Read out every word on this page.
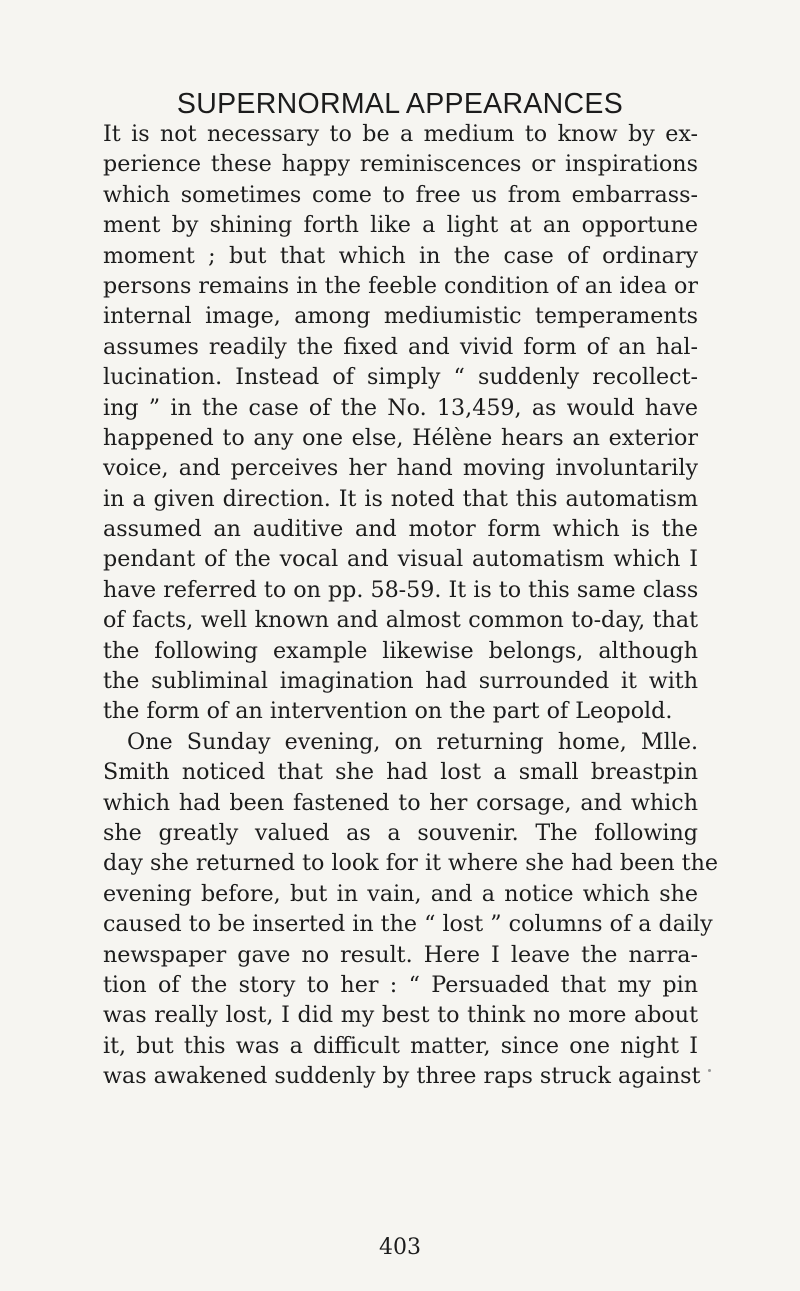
SUPERNORMAL APPEARANCES
It is not necessary to be a medium to know by ex-
perience these happy reminiscences or inspirations
which sometimes come to free us from embarrass-
ment by shining forth like a light at an opportune
moment ; but that which in the case of ordinary
persons remains in the feeble condition of an idea or
internal image, among mediumistic temperaments
assumes readily the fixed and vivid form of an hal-
lucination. Instead of simply “ suddenly recollect-
ing ” in the case of the No. 13,459, as would have
happened to any one else, Hélène hears an exterior
voice, and perceives her hand moving involuntarily
in a given direction. It is noted that this automatism
assumed an auditive and motor form which is the
pendant of the vocal and visual automatism which I
have referred to on pp. 58-59. It is to this same class
of facts, well known and almost common to-day, that
the following example likewise belongs, although
the subliminal imagination had surrounded it with
the form of an intervention on the part of Leopold.
One Sunday evening, on returning home, Mlle.
Smith noticed that she had lost a small breastpin
which had been fastened to her corsage, and which
she greatly valued as a souvenir. The following
day she returned to look for it where she had been the
evening before, but in vain, and a notice which she
caused to be inserted in the “ lost ” columns of a daily
newspaper gave no result. Here I leave the narra-
tion of the story to her : “ Persuaded that my pin
was really lost, I did my best to think no more about
it, but this was a difficult matter, since one night I
was awakened suddenly by three raps struck against
403
